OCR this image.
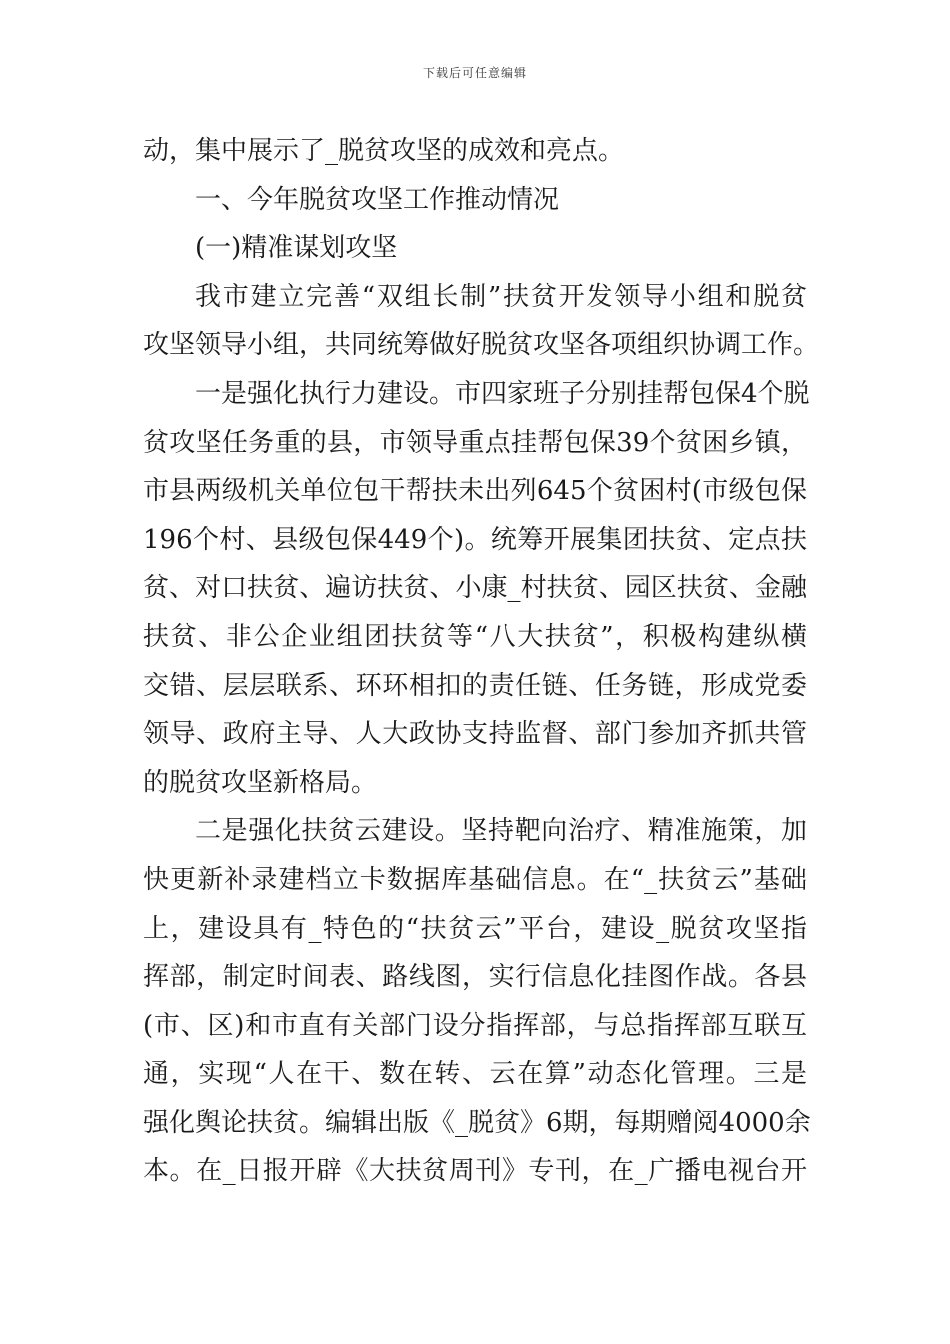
下载后可任意编辑
动，集中展示了_脱贫攻坚的成效和亮点。
一、今年脱贫攻坚工作推动情况
(一)精准谋划攻坚
我市建立完善“双组长制”扶贫开发领导小组和脱贫
攻坚领导小组，共同统筹做好脱贫攻坚各项组织协调工作。
一是强化执行力建设。市四家班子分别挂帮包保4个脱
贫攻坚任务重的县，市领导重点挂帮包保39个贫困乡镇，
市县两级机关单位包干帮扶未出列645个贫困村(市级包保
196个村、县级包保449个)。统筹开展集团扶贫、定点扶
贫、对口扶贫、遍访扶贫、小康_村扶贫、园区扶贫、金融
扶贫、非公企业组团扶贫等“八大扶贫”，积极构建纵横
交错、层层联系、环环相扣的责任链、任务链，形成党委
领导、政府主导、人大政协支持监督、部门参加齐抓共管
的脱贫攻坚新格局。
二是强化扶贫云建设。坚持靶向治疗、精准施策，加
快更新补录建档立卡数据库基础信息。在“_扶贫云”基础
上，建设具有_特色的“扶贫云”平台，建设_脱贫攻坚指
挥部，制定时间表、路线图，实行信息化挂图作战。各县
(市、区)和市直有关部门设分指挥部，与总指挥部互联互
通，实现“人在干、数在转、云在算”动态化管理。三是
强化舆论扶贫。编辑出版《_脱贫》6期，每期赠阅4000余
本。在_日报开辟《大扶贫周刊》专刊，在_广播电视台开
